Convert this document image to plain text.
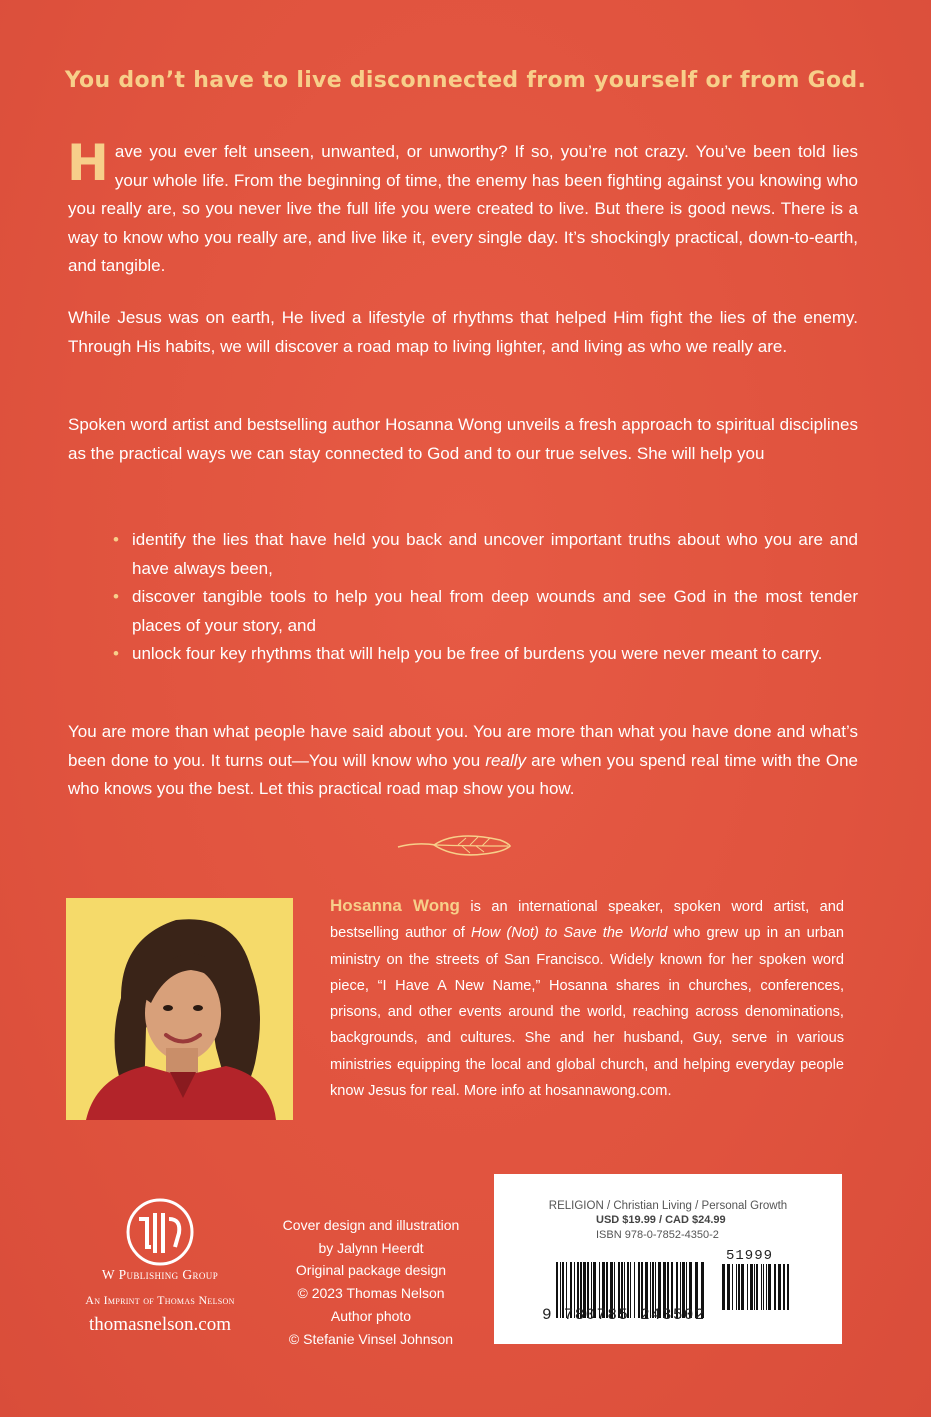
You don’t have to live disconnected from yourself or from God.

Have you ever felt unseen, unwanted, or unworthy? If so, you’re not crazy. You’ve been told lies your whole life. From the beginning of time, the enemy has been fighting against you knowing who you really are, so you never live the full life you were created to live. But there is good news. There is a way to know who you really are, and live like it, every single day. It’s shockingly practical, down-to-earth, and tangible.

While Jesus was on earth, He lived a lifestyle of rhythms that helped Him fight the lies of the enemy. Through His habits, we will discover a road map to living lighter, and living as who we really are.

Spoken word artist and bestselling author Hosanna Wong unveils a fresh approach to spiritual disciplines as the practical ways we can stay connected to God and to our true selves. She will help you

• identify the lies that have held you back and uncover important truths about who you are and have always been,
• discover tangible tools to help you heal from deep wounds and see God in the most tender places of your story, and
• unlock four key rhythms that will help you be free of burdens you were never meant to carry.

You are more than what people have said about you. You are more than what you have done and what’s been done to you. It turns out—You will know who you really are when you spend real time with the One who knows you the best. Let this practical road map show you how.

Hosanna Wong is an international speaker, spoken word artist, and bestselling author of How (Not) to Save the World who grew up in an urban ministry on the streets of San Francisco. Widely known for her spoken word piece, “I Have A New Name,” Hosanna shares in churches, conferences, prisons, and other events around the world, reaching across denominations, backgrounds, and cultures. She and her husband, Guy, serve in various ministries equipping the local and global church, and helping everyday people know Jesus for real. More info at hosannawong.com.

W Publishing Group
An Imprint of Thomas Nelson
thomasnelson.com
Cover design and illustration
by Jalynn Heerdt
Original package design
© 2023 Thomas Nelson
Author photo
© Stefanie Vinsel Johnson
RELIGION / Christian Living / Personal Growth
USD $19.99 / CAD $24.99
ISBN 978-0-7852-4350-2
51999
9 780785 243502
